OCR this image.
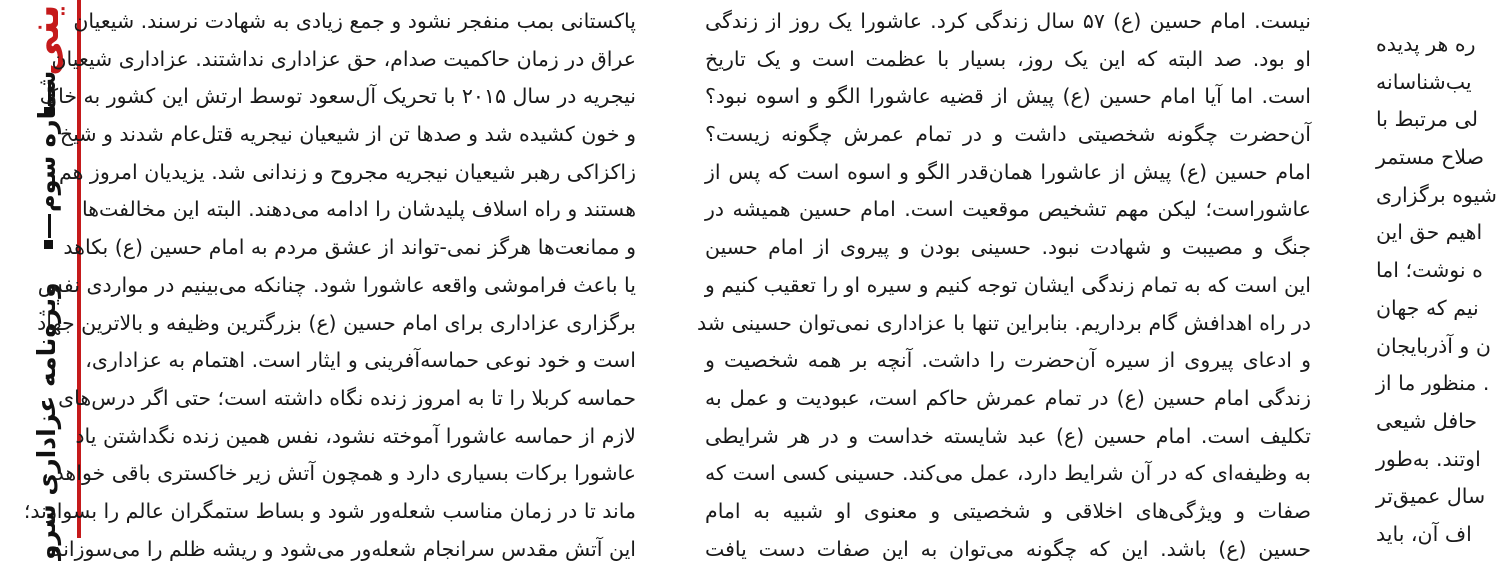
ینی
شماره سوم
ویژه‌نامه عزاداری سرو
پاکستانی بمب منفجر نشود و جمع زیادی به شهادت نرسند. شیعیان
عراق در زمان حاکمیت صدام، حق عزاداری نداشتند. عزاداری شیعیان
نیجریه در سال ۲۰۱۵ با تحریک آل‌سعود توسط ارتش این کشور به خاک
و خون کشیده شد و صدها تن از شیعیان نیجریه قتل‌عام شدند و شیخ
زاکزاکی رهبر شیعیان نیجریه مجروح و زندانی شد. یزیدیان امروز هم
هستند و راه اسلاف پلیدشان را ادامه می‌دهند. البته این مخالفت‌ها
و ممانعت‌ها هرگز نمی-تواند از عشق مردم به امام حسین (ع) بکاهد
یا باعث فراموشی واقعه عاشورا شود. چنانکه می‌بینیم در مواردی نفس
برگزاری عزاداری برای امام حسین (ع) بزرگترین وظیفه و بالاترین جهاد
است و خود نوعی حماسه‌آفرینی و ایثار است. اهتمام به عزاداری،
حماسه کربلا را تا به امروز زنده نگاه داشته است؛ حتی اگر درس‌های
لازم از حماسه عاشورا آموخته نشود، نفس همین زنده نگداشتن یاد
عاشورا برکات بسیاری دارد و همچون آتش زیر خاکستری باقی خواهد
ماند تا در زمان مناسب شعله‌ور شود و بساط ستمگران عالم را بسوازند؛
این آتش مقدس سرانجام شعله‌ور می‌شود و ریشه ظلم را می‌سوزاند
نیست. امام حسین (ع) ۵۷ سال زندگی کرد. عاشورا یک روز از زندگی
او بود. صد البته که این یک روز، بسیار با عظمت است و یک تاریخ
است. اما آیا امام حسین (ع) پیش از قضیه عاشورا الگو و اسوه نبود؟
آن‌حضرت چگونه شخصیتی داشت و در تمام عمرش چگونه زیست؟
امام حسین (ع) پیش از عاشورا همان‌قدر الگو و اسوه است که پس از
عاشوراست؛ لیکن مهم تشخیص موقعیت است. امام حسین همیشه در
جنگ و مصیبت و شهادت نبود. حسینی بودن و پیروی از امام حسین
این است که به تمام زندگی ایشان توجه کنیم و سیره او را تعقیب کنیم و
در راه اهدافش گام برداریم. بنابراین تنها با عزاداری نمی‌توان حسینی شد
و ادعای پیروی از سیره آن‌حضرت را داشت. آنچه بر همه شخصیت و
زندگی امام حسین (ع) در تمام عمرش حاکم است، عبودیت و عمل به
تکلیف است. امام حسین (ع) عبد شایسته خداست و در هر شرایطی
به وظیفه‌ای که در آن شرایط دارد، عمل می‌کند. حسینی کسی است که
صفات و ویژگی‌های اخلاقی و شخصیتی و معنوی او شبیه به امام
حسین (ع) باشد. این که چگونه می‌توان به این صفات دست یافت
ره هر پدیده
یب‌شناسانه
لی مرتبط با
صلاح مستمر
شیوه برگزاری
اهیم حق این
ه نوشت؛ اما
نیم که جهان
ن و آذربایجان
. منظور ما از
حافل شیعی
اوتند. به‌طور
سال عمیق‌تر
اف آن، باید
